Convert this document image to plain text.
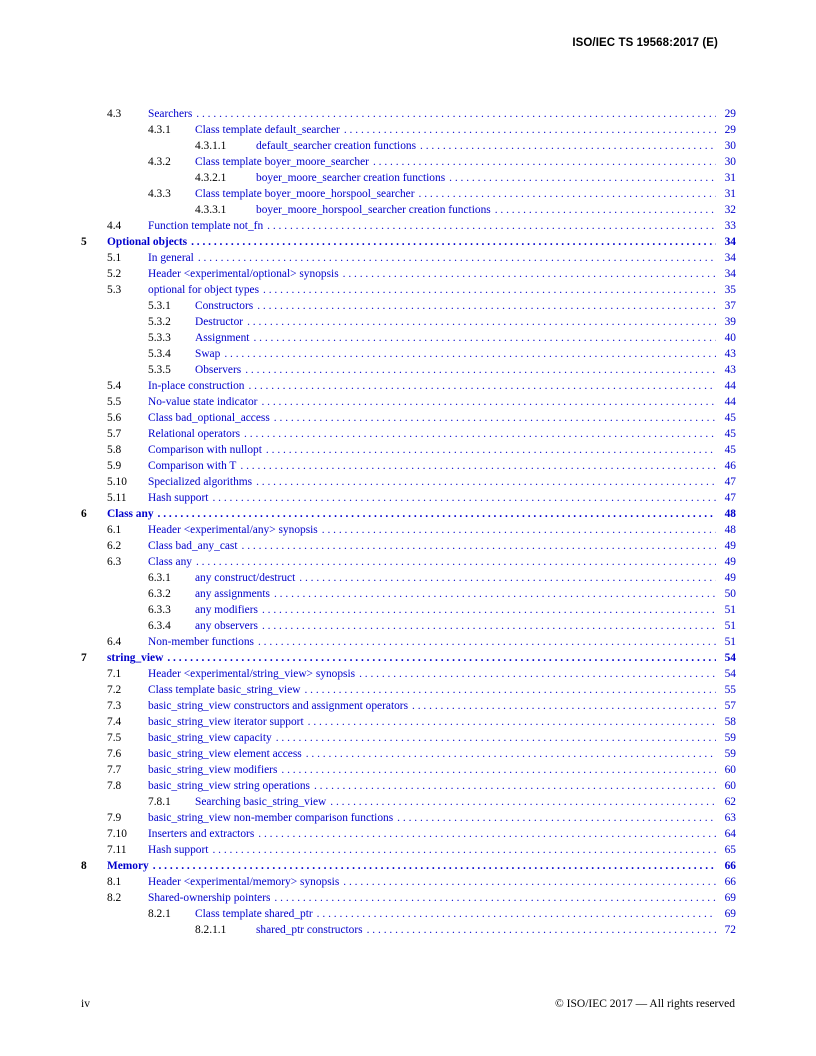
ISO/IEC TS 19568:2017 (E)
4.3 Searchers . . .	29
4.3.1 Class template default_searcher . . .	29
4.3.1.1	default_searcher creation functions . . .	30
4.3.2 Class template boyer_moore_searcher . . .	30
4.3.2.1	boyer_moore_searcher creation functions . . .	31
4.3.3 Class template boyer_moore_horspool_searcher . . .	31
4.3.3.1	boyer_moore_horspool_searcher creation functions . . .	32
4.4 Function template not_fn . . .	33
5 Optional objects . . .	34
5.1 In general . . .	34
5.2 Header <experimental/optional> synopsis . . .	34
5.3 optional for object types . . .	35
5.3.1 Constructors . . .	37
5.3.2 Destructor . . .	39
5.3.3 Assignment . . .	40
5.3.4 Swap . . .	43
5.3.5 Observers . . .	43
5.4 In-place construction . . .	44
5.5 No-value state indicator . . .	44
5.6 Class bad_optional_access . . .	45
5.7 Relational operators . . .	45
5.8 Comparison with nullopt . . .	45
5.9 Comparison with T . . .	46
5.10 Specialized algorithms . . .	47
5.11 Hash support . . .	47
6 Class any . . .	48
6.1 Header <experimental/any> synopsis . . .	48
6.2 Class bad_any_cast . . .	49
6.3 Class any . . .	49
6.3.1 any construct/destruct . . .	49
6.3.2 any assignments . . .	50
6.3.3 any modifiers . . .	51
6.3.4 any observers . . .	51
6.4 Non-member functions . . .	51
7 string_view . . .	54
7.1 Header <experimental/string_view> synopsis . . .	54
7.2 Class template basic_string_view . . .	55
7.3 basic_string_view constructors and assignment operators . . .	57
7.4 basic_string_view iterator support . . .	58
7.5 basic_string_view capacity . . .	59
7.6 basic_string_view element access . . .	59
7.7 basic_string_view modifiers . . .	60
7.8 basic_string_view string operations . . .	60
7.8.1 Searching basic_string_view . . .	62
7.9 basic_string_view non-member comparison functions . . .	63
7.10 Inserters and extractors . . .	64
7.11 Hash support . . .	65
8 Memory . . .	66
8.1 Header <experimental/memory> synopsis . . .	66
8.2 Shared-ownership pointers . . .	69
8.2.1 Class template shared_ptr . . .	69
8.2.1.1	shared_ptr constructors . . .	72
iv	© ISO/IEC 2017 — All rights reserved
